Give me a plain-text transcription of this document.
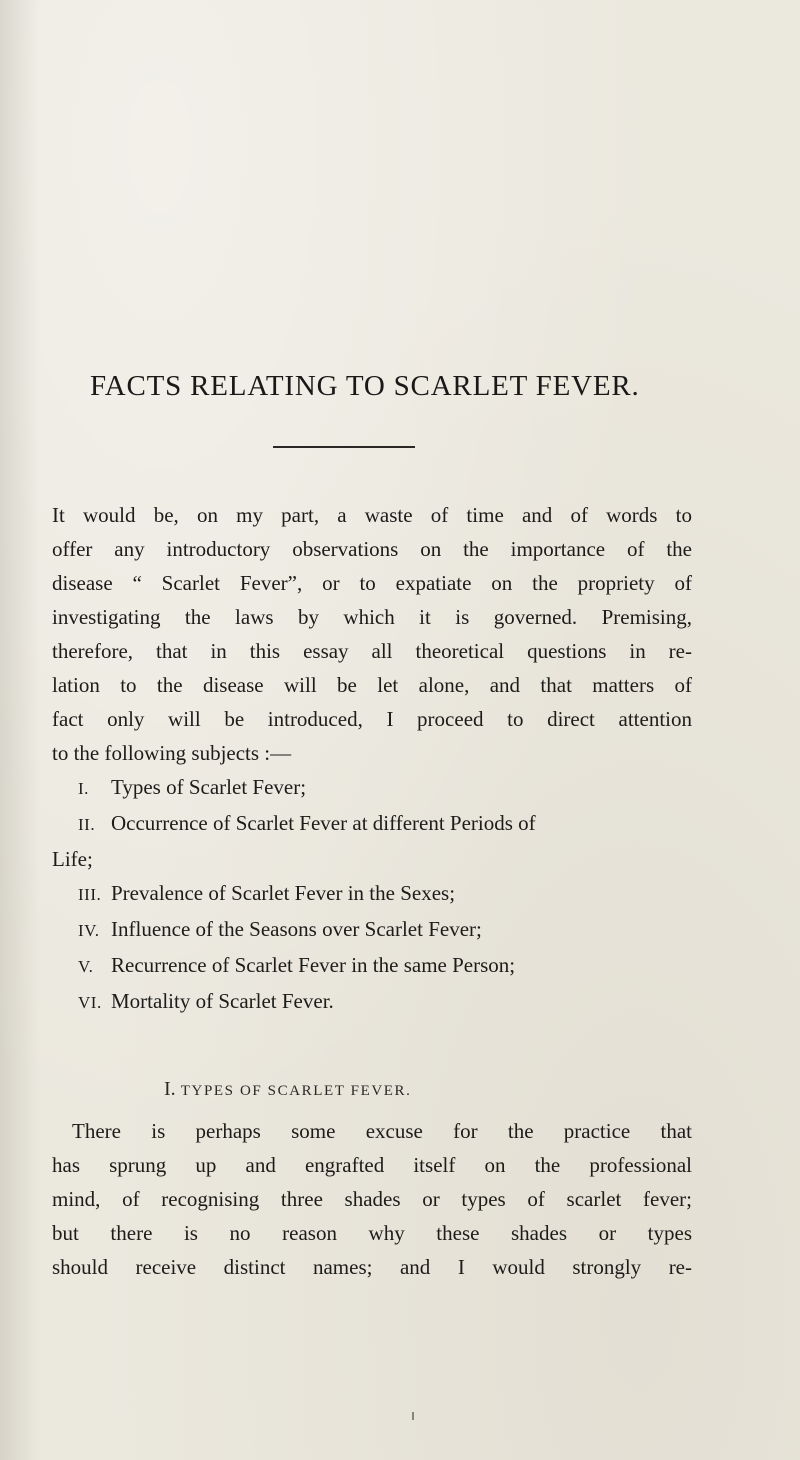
FACTS RELATING TO SCARLET FEVER.
It would be, on my part, a waste of time and of words to
offer any introductory observations on the importance of the
disease “ Scarlet Fever”, or to expatiate on the propriety of
investigating the laws by which it is governed. Premising,
therefore, that in this essay all theoretical questions in re-
lation to the disease will be let alone, and that matters of
fact only will be introduced, I proceed to direct attention
to the following subjects :—
I. Types of Scarlet Fever;
II. Occurrence of Scarlet Fever at different Periods of
Life;
III. Prevalence of Scarlet Fever in the Sexes;
IV. Influence of the Seasons over Scarlet Fever;
V. Recurrence of Scarlet Fever in the same Person;
VI. Mortality of Scarlet Fever.
I. TYPES OF SCARLET FEVER.
There is perhaps some excuse for the practice that
has sprung up and engrafted itself on the professional
mind, of recognising three shades or types of scarlet fever;
but there is no reason why these shades or types
should receive distinct names; and I would strongly re-
